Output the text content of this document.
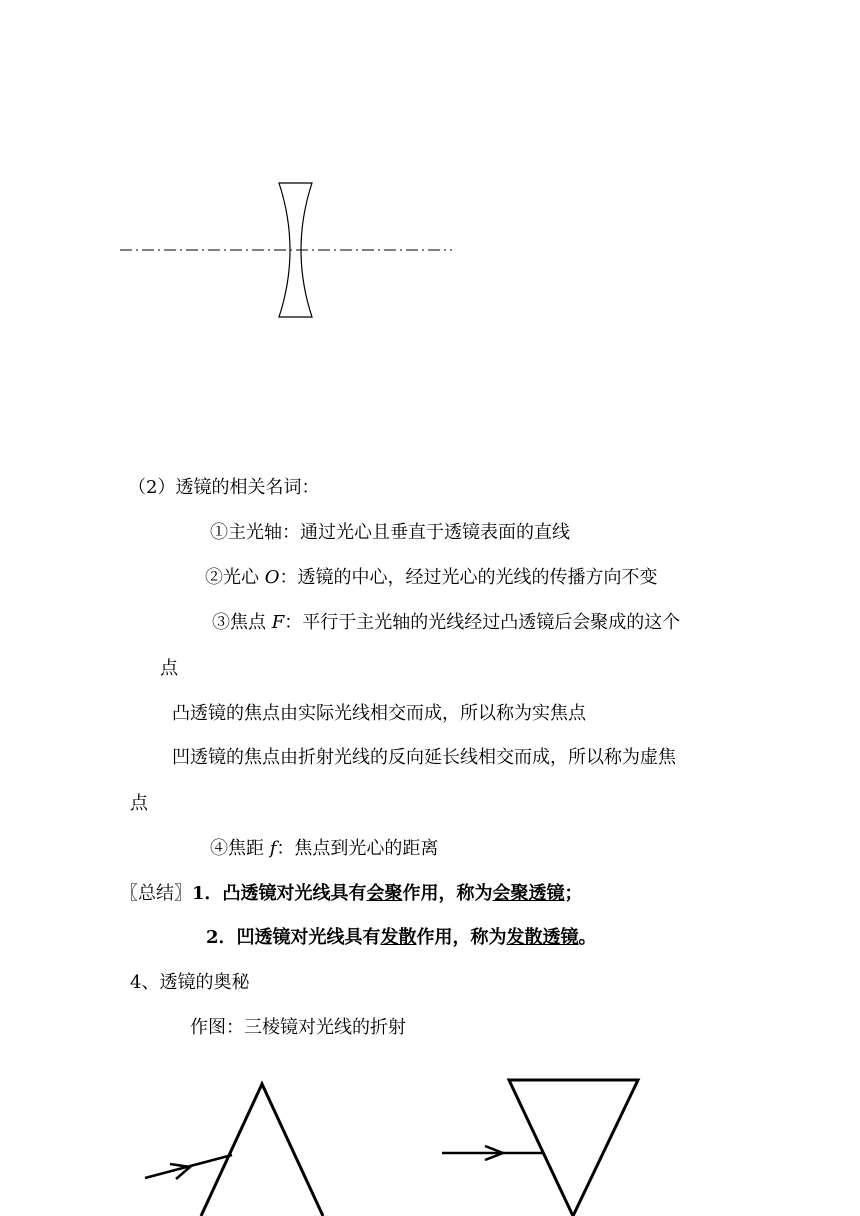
（2）透镜的相关名词：
①主光轴：通过光心且垂直于透镜表面的直线
②光心 O：透镜的中心，经过光心的光线的传播方向不变
③焦点 F：平行于主光轴的光线经过凸透镜后会聚成的这个
点
凸透镜的焦点由实际光线相交而成，所以称为实焦点
凹透镜的焦点由折射光线的反向延长线相交而成，所以称为虚焦
点
④焦距 f：焦点到光心的距离
〖总结〗1．凸透镜对光线具有会聚作用，称为会聚透镜；
2．凹透镜对光线具有发散作用，称为发散透镜。
4、透镜的奥秘
作图：三棱镜对光线的折射
